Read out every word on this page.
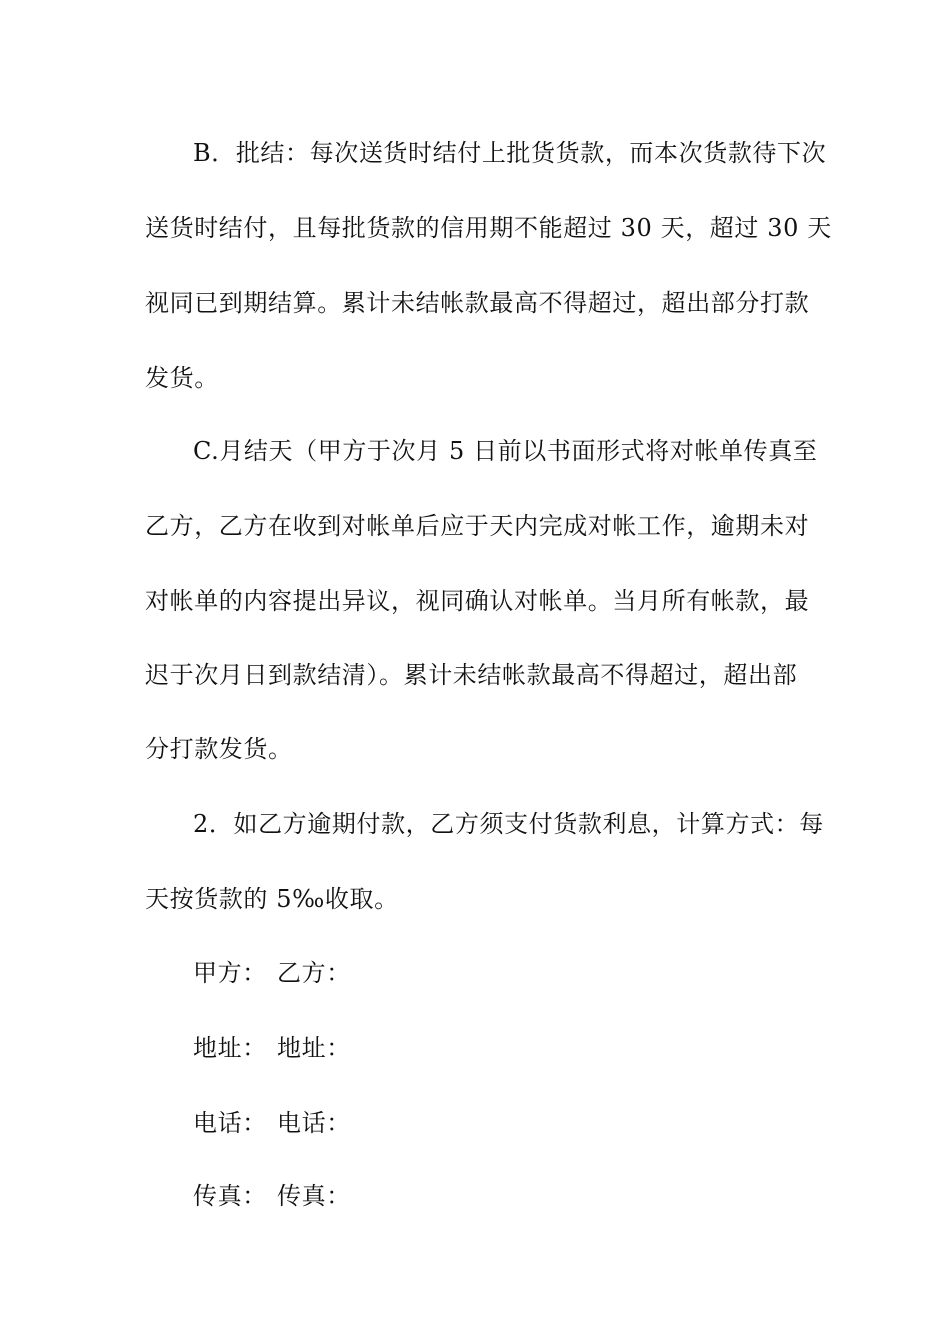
B．批结：每次送货时结付上批货货款，而本次货款待下次
送货时结付，且每批货款的信用期不能超过 30 天，超过 30 天
视同已到期结算。累计未结帐款最高不得超过，超出部分打款
发货。
C.月结天（甲方于次月 5 日前以书面形式将对帐单传真至
乙方，乙方在收到对帐单后应于天内完成对帐工作，逾期未对
对帐单的内容提出异议，视同确认对帐单。当月所有帐款，最
迟于次月日到款结清）。累计未结帐款最高不得超过，超出部
分打款发货。
2．如乙方逾期付款，乙方须支付货款利息，计算方式：每
天按货款的 5‰收取。
甲方： 乙方：
地址： 地址：
电话： 电话：
传真： 传真：
